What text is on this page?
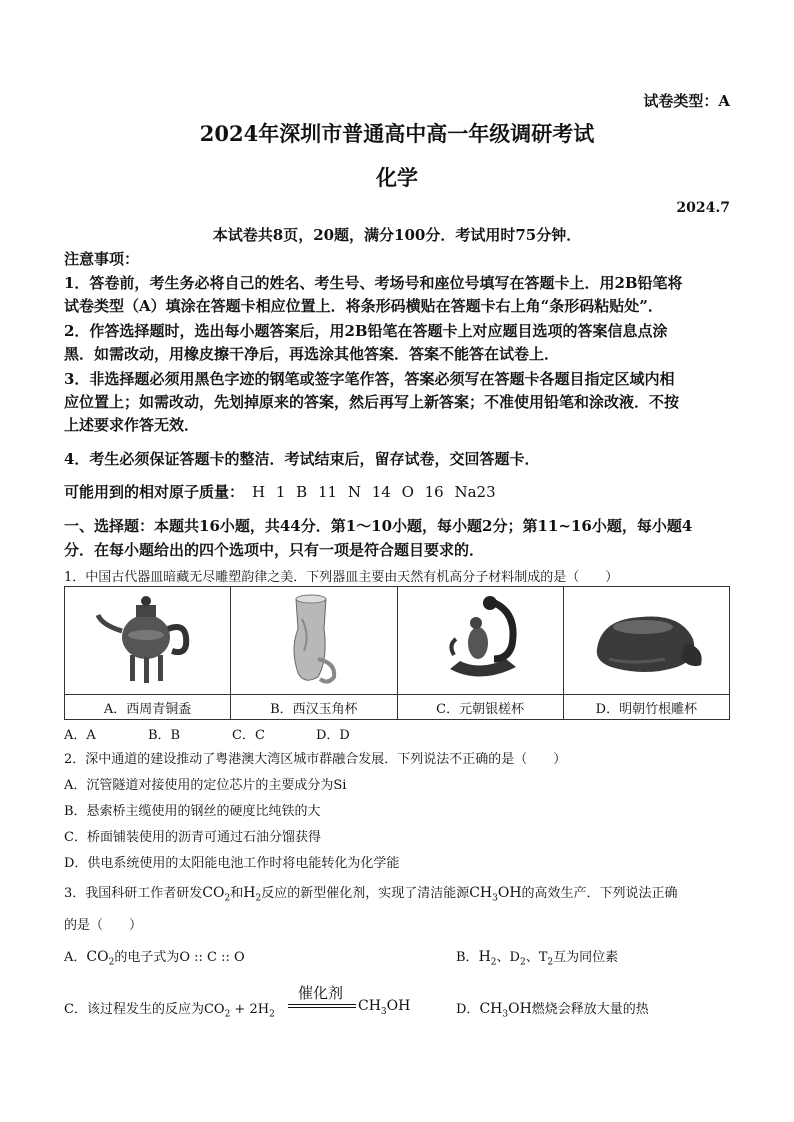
试卷类型：A
2024年深圳市普通高中高一年级调研考试
化学
2024.7
本试卷共8页，20题，满分100分．考试用时75分钟．
注意事项：
1．答卷前，考生务必将自己的姓名、考生号、考场号和座位号填写在答题卡上．用2B铅笔将
试卷类型（A）填涂在答题卡相应位置上．将条形码横贴在答题卡右上角“条形码粘贴处”．
2．作答选择题时，选出每小题答案后，用2B铅笔在答题卡上对应题目选项的答案信息点涂
黑．如需改动，用橡皮擦干净后，再选涂其他答案．答案不能答在试卷上．
3．非选择题必须用黑色字迹的钢笔或签字笔作答，答案必须写在答题卡各题目指定区域内相
应位置上；如需改动，先划掉原来的答案，然后再写上新答案；不准使用铅笔和涂改液．不按
上述要求作答无效．
4．考生必须保证答题卡的整洁．考试结束后，留存试卷，交回答题卡．
可能用到的相对原子质量： H 1 B 11 N 14 O 16 Na23
一、选择题：本题共16小题，共44分．第1～10小题，每小题2分；第11~16小题，每小题4
分．在每小题给出的四个选项中，只有一项是符合题目要求的．
1．中国古代器皿暗藏无尽雕塑韵律之美．下列器皿主要由天然有机高分子材料制成的是（　　）

A．西周青铜盉	B．西汉玉角杯	C．元朝银槎杯	D．明朝竹根雕杯
A．A	B．B	C．C	D．D
2．深中通道的建设推动了粤港澳大湾区城市群融合发展．下列说法不正确的是（　　）
A．沉管隧道对接使用的定位芯片的主要成分为Si
B．悬索桥主缆使用的钢丝的硬度比纯铁的大
C．桥面铺装使用的沥青可通过石油分馏获得
D．供电系统使用的太阳能电池工作时将电能转化为化学能
3．我国科研工作者研发$CO_2$和$H_2$反应的新型催化剂，实现了清洁能源$CH_3OH$的高效生产．下列说法正确
的是（　　）
A．$CO_2$的电子式为O :: C :: O	B．$H_2$、$D_2$、$T_2$互为同位素
C．该过程发生的反应为$CO_2 + 2H_2$
催化剂
$CH_3OH$	D．$CH_3OH$燃烧会释放大量的热
